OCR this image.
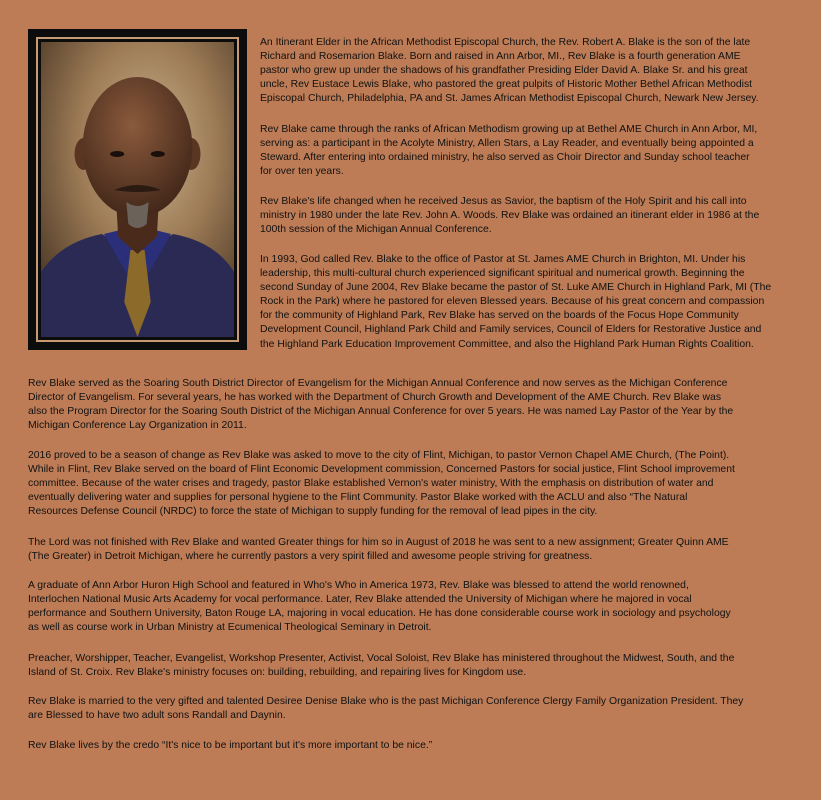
An Itinerant Elder in the African Methodist Episcopal Church, the Rev. Robert A. Blake is the son of the late
Richard and Rosemarion Blake. Born and raised in Ann Arbor, MI., Rev Blake is a fourth generation AME
pastor who grew up under the shadows of his grandfather Presiding Elder David A. Blake Sr. and his great
uncle, Rev Eustace Lewis Blake, who pastored the great pulpits of Historic Mother Bethel African Methodist
Episcopal Church, Philadelphia, PA and St. James African Methodist Episcopal Church, Newark New Jersey.

Rev Blake came through the ranks of African Methodism growing up at Bethel AME Church in Ann Arbor, MI,
serving as: a participant in the Acolyte Ministry, Allen Stars, a Lay Reader, and eventually being appointed a
Steward. After entering into ordained ministry, he also served as Choir Director and Sunday school teacher
for over ten years.

Rev Blake's life changed when he received Jesus as Savior, the baptism of the Holy Spirit and his call into
ministry in 1980 under the late Rev. John A. Woods. Rev Blake was ordained an itinerant elder in 1986 at the
100th session of the Michigan Annual Conference.

In 1993, God called Rev. Blake to the office of Pastor at St. James AME Church in Brighton, MI. Under his
leadership, this multi-cultural church experienced significant spiritual and numerical growth. Beginning the
second Sunday of June 2004, Rev Blake became the pastor of St. Luke AME Church in Highland Park, MI (The
Rock in the Park) where he pastored for eleven Blessed years. Because of his great concern and compassion
for the community of Highland Park, Rev Blake has served on the boards of the Focus Hope Community
Development Council, Highland Park Child and Family services, Council of Elders for Restorative Justice and
the Highland Park Education Improvement Committee, and also the Highland Park Human Rights Coalition.

Rev Blake served as the Soaring South District Director of Evangelism for the Michigan Annual Conference and now serves as the Michigan Conference
Director of Evangelism. For several years, he has worked with the Department of Church Growth and Development of the AME Church. Rev Blake was
also the Program Director for the Soaring South District of the Michigan Annual Conference for over 5 years. He was named Lay Pastor of the Year by the
Michigan Conference Lay Organization in 2011.

2016 proved to be a season of change as Rev Blake was asked to move to the city of Flint, Michigan, to pastor Vernon Chapel AME Church, (The Point).
While in Flint, Rev Blake served on the board of Flint Economic Development commission, Concerned Pastors for social justice, Flint School improvement
committee. Because of the water crises and tragedy, pastor Blake established Vernon's water ministry, With the emphasis on distribution of water and
eventually delivering water and supplies for personal hygiene to the Flint Community. Pastor Blake worked with the ACLU and also “The Natural
Resources Defense Council (NRDC) to force the state of Michigan to supply funding for the removal of lead pipes in the city.

The Lord was not finished with Rev Blake and wanted Greater things for him so in August of 2018 he was sent to a new assignment; Greater Quinn AME
(The Greater) in Detroit Michigan, where he currently pastors a very spirit filled and awesome people striving for greatness.

A graduate of Ann Arbor Huron High School and featured in Who's Who in America 1973, Rev. Blake was blessed to attend the world renowned,
Interlochen National Music Arts Academy for vocal performance. Later, Rev Blake attended the University of Michigan where he majored in vocal
performance and Southern University, Baton Rouge LA, majoring in vocal education. He has done considerable course work in sociology and psychology
as well as course work in Urban Ministry at Ecumenical Theological Seminary in Detroit.

Preacher, Worshipper, Teacher, Evangelist, Workshop Presenter, Activist, Vocal Soloist, Rev Blake has ministered throughout the Midwest, South, and the
Island of St. Croix. Rev Blake's ministry focuses on: building, rebuilding, and repairing lives for Kingdom use.

Rev Blake is married to the very gifted and talented Desiree Denise Blake who is the past Michigan Conference Clergy Family Organization President. They
are Blessed to have two adult sons Randall and Daynin.

Rev Blake lives by the credo “It's nice to be important but it's more important to be nice.”
